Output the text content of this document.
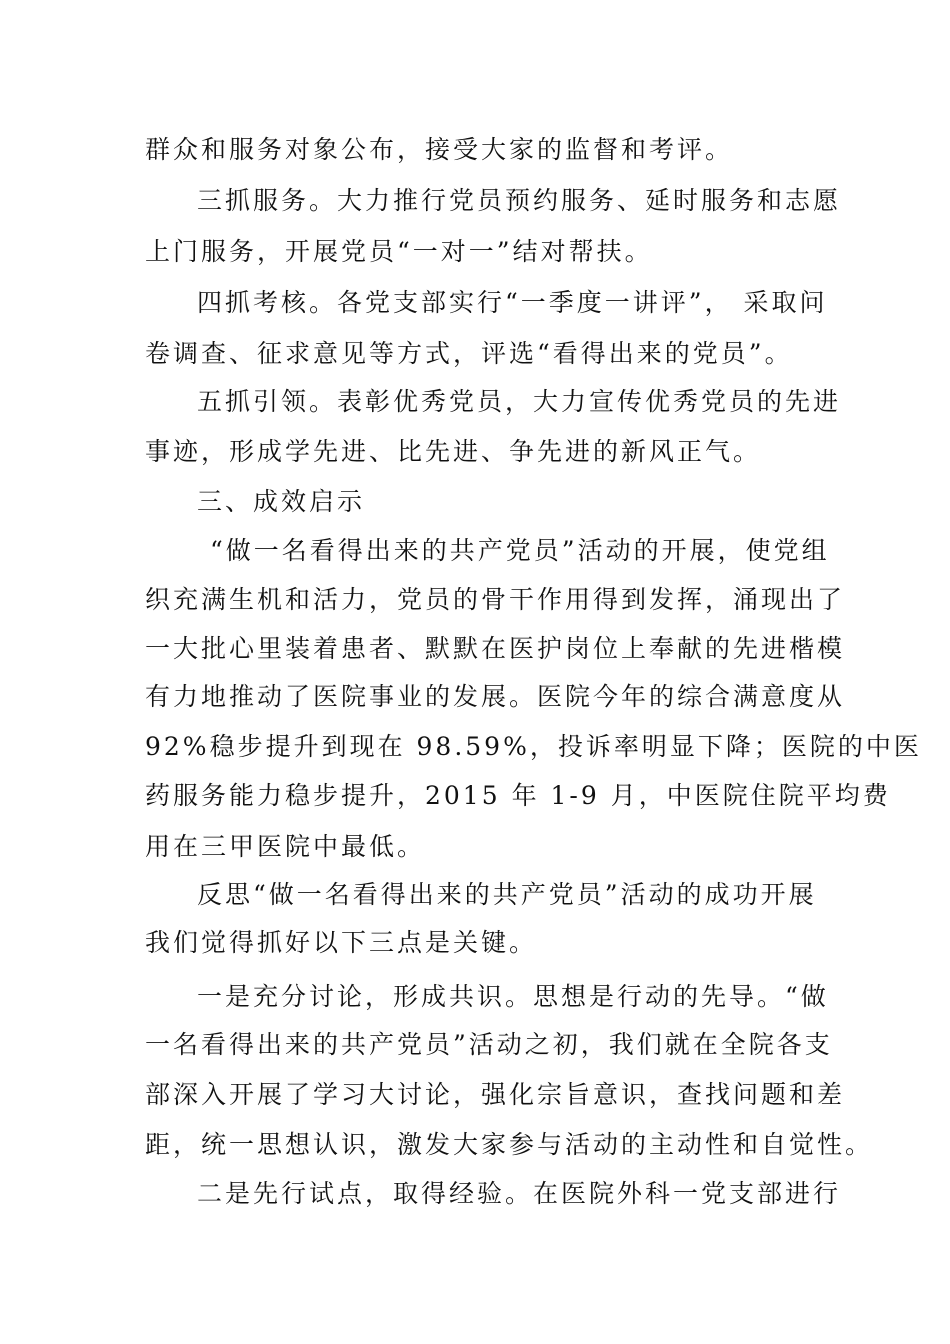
群众和服务对象公布，接受大家的监督和考评。
三抓服务。大力推行党员预约服务、延时服务和志愿
上门服务，开展党员“一对一”结对帮扶。
四抓考核。各党支部实行“一季度一讲评”， 采取问
卷调查、征求意见等方式，评选“看得出来的党员”。
五抓引领。表彰优秀党员，大力宣传优秀党员的先进
事迹，形成学先进、比先进、争先进的新风正气。
三、成效启示
“做一名看得出来的共产党员”活动的开展，使党组
织充满生机和活力，党员的骨干作用得到发挥，涌现出了
一大批心里装着患者、默默在医护岗位上奉献的先进楷模
有力地推动了医院事业的发展。医院今年的综合满意度从
92%稳步提升到现在 98.59%，投诉率明显下降；医院的中医
药服务能力稳步提升，2015 年 1-9 月，中医院住院平均费
用在三甲医院中最低。
反思“做一名看得出来的共产党员”活动的成功开展
我们觉得抓好以下三点是关键。
一是充分讨论，形成共识。思想是行动的先导。“做
一名看得出来的共产党员”活动之初，我们就在全院各支
部深入开展了学习大讨论，强化宗旨意识，查找问题和差
距，统一思想认识，激发大家参与活动的主动性和自觉性。
二是先行试点，取得经验。在医院外科一党支部进行
